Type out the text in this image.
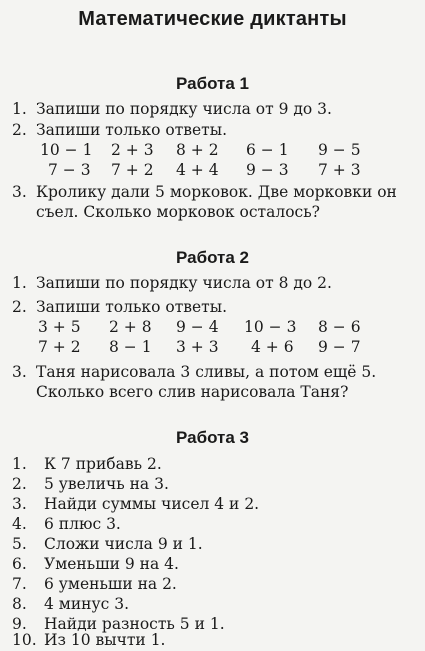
Математические диктанты
Работа 1
1. Запиши по порядку числа от 9 до 3.
2. Запиши только ответы.
10 − 1 2 + 3 8 + 2 6 − 1 9 − 5
7 − 3 7 + 2 4 + 4 9 − 3 7 + 3
3. Кролику дали 5 морковок. Две морковки он
съел. Сколько морковок осталось?
Работа 2
1. Запиши по порядку числа от 8 до 2.
2. Запиши только ответы.
3 + 5 2 + 8 9 − 4 10 − 3 8 − 6
7 + 2 8 − 1 3 + 3 4 + 6 9 − 7
3. Таня нарисовала 3 сливы, а потом ещё 5.
Сколько всего слив нарисовала Таня?
Работа 3
1. К 7 прибавь 2.
2. 5 увеличь на 3.
3. Найди суммы чисел 4 и 2.
4. 6 плюс 3.
5. Сложи числа 9 и 1.
6. Уменьши 9 на 4.
7. 6 уменьши на 2.
8. 4 минус 3.
9. Найди разность 5 и 1.
10. Из 10 вычти 1.
